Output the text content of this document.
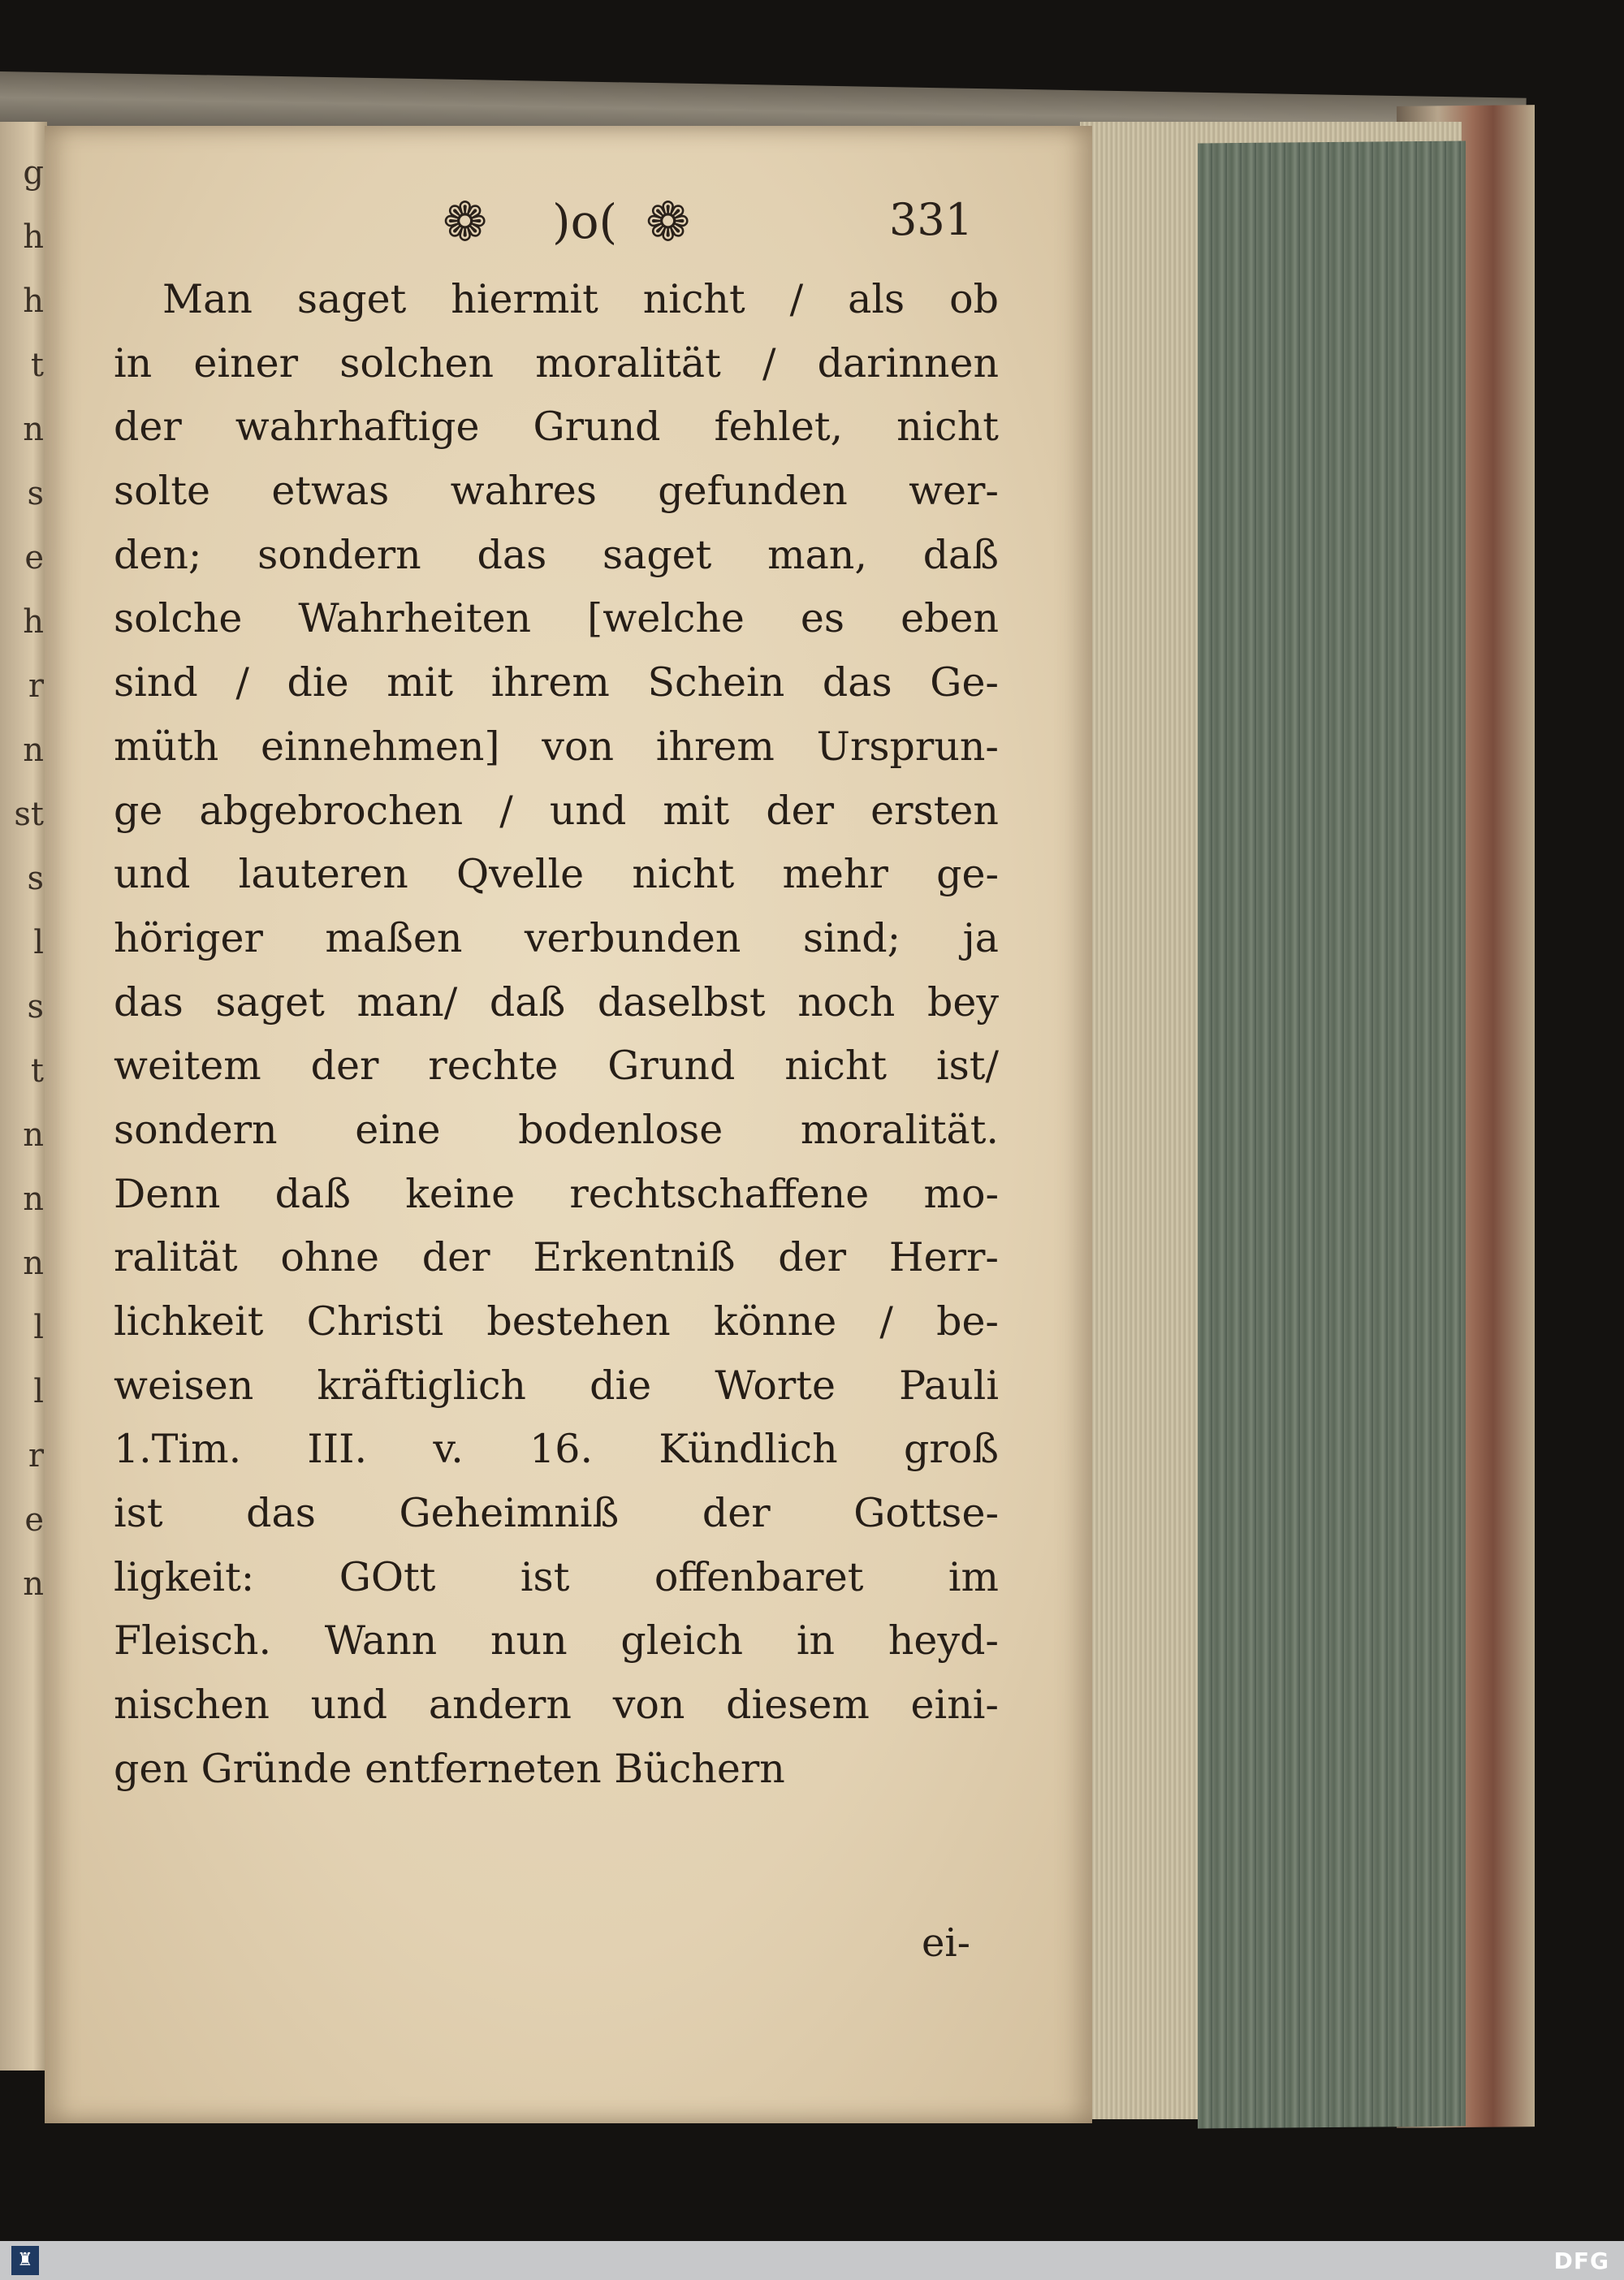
g
h
h
t
n
s
e
h
r
n
st
s
l
s
t
n
n
n
l
l
r
e
n
❁ )o( ❁	331
Man saget hiermit nicht / als ob
in einer solchen moralität / darinnen
der wahrhaftige Grund fehlet, nicht
solte etwas wahres gefunden wer-
den; sondern das saget man, daß
solche Wahrheiten [welche es eben
sind / die mit ihrem Schein das Ge-
müth einnehmen] von ihrem Ursprun-
ge abgebrochen / und mit der ersten
und lauteren Qvelle nicht mehr ge-
höriger maßen verbunden sind; ja
das saget man/ daß daselbst noch bey
weitem der rechte Grund nicht ist/
sondern eine bodenlose moralität.
Denn daß keine rechtschaffene mo-
ralität ohne der Erkentniß der Herr-
lichkeit Christi bestehen könne / be-
weisen kräftiglich die Worte Pauli
1.Tim. III. v. 16. Kündlich groß
ist das Geheimniß der Gottse-
ligkeit: GOtt ist offenbaret im
Fleisch. Wann nun gleich in heyd-
nischen und andern von diesem eini-
gen Gründe entferneten Büchern
ei-
♜	DFG
